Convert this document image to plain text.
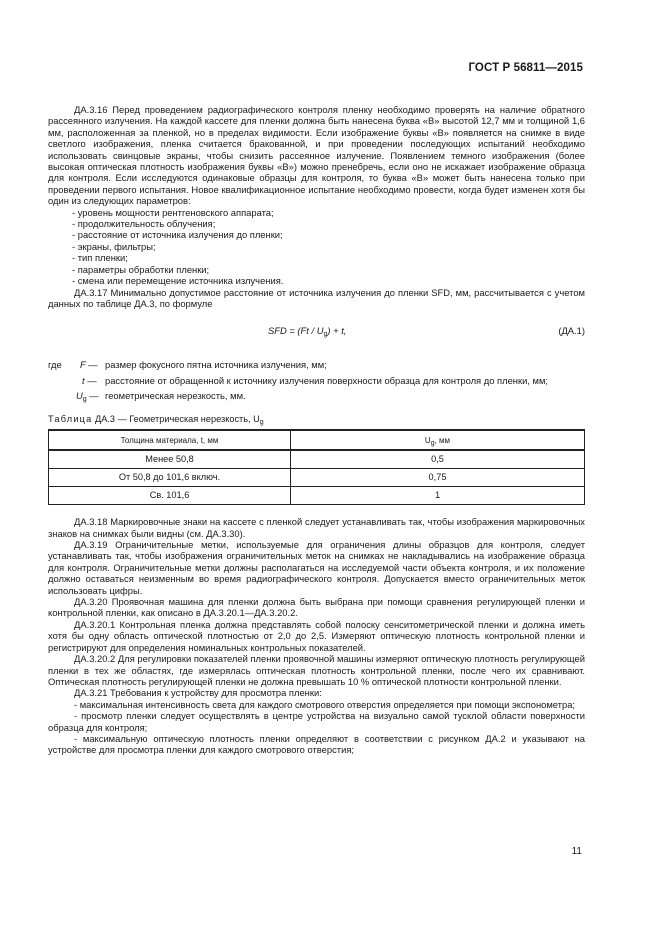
ГОСТ Р 56811—2015

ДА.3.16 Перед проведением радиографического контроля пленку необходимо проверять на наличие обратного рассеянного излучения. На каждой кассете для пленки должна быть нанесена буква «В» высотой 12,7 мм и толщиной 1,6 мм, расположенная за пленкой, но в пределах видимости. Если изображение буквы «В» появляется на снимке в виде светлого изображения, пленка считается бракованной, и при проведении последующих испытаний необходимо использовать свинцовые экраны, чтобы снизить рассеянное излучение. Появлением темного изображения (более высокая оптическая плотность изображения буквы «В») можно пренебречь, если оно не искажает изображение образца для контроля. Если исследуются одинаковые образцы для контроля, то буква «В» может быть нанесена только при проведении первого испытания. Новое квалификационное испытание необходимо провести, когда будет изменен хотя бы один из следующих параметров:

- уровень мощности рентгеновского аппарата;

- продолжительность облучения;

- расстояние от источника излучения до пленки;

- экраны, фильтры;

- тип пленки;

- параметры обработки пленки;

- смена или перемещение источника излучения.

ДА.3.17 Минимально допустимое расстояние от источника излучения до пленки SFD, мм, рассчитывается с учетом данных по таблице ДА.3, по формуле

SFD = $(Ft / U_g) + t$,	(ДА.1)
где F — размер фокусного пятна источника излучения, мм;
t — расстояние от обращенной к источнику излучения поверхности образца для контроля до пленки, мм;
$U_g$ — геометрическая нерезкость, мм.
Таблица ДА.3 — Геометрическая нерезкость, $U_g$
Толщина материала, t, мм	$U_g$, мм
Менее 50,8	0,5
От 50,8 до 101,6 включ.	0,75
Св. 101,6	1

ДА.3.18 Маркировочные знаки на кассете с пленкой следует устанавливать так, чтобы изображения маркировочных знаков на снимках были видны (см. ДА.3.30).

ДА.3.19 Ограничительные метки, используемые для ограничения длины образцов для контроля, следует устанавливать так, чтобы изображения ограничительных меток на снимках не накладывались на изображение образца для контроля. Ограничительные метки должны располагаться на исследуемой части объекта контроля, и их положение должно оставаться неизменным во время радиографического контроля. Допускается вместо ограничительных меток использовать цифры.

ДА.3.20 Проявочная машина для пленки должна быть выбрана при помощи сравнения регулирующей пленки и контрольной пленки, как описано в ДА.3.20.1—ДА.3.20.2.

ДА.3.20.1 Контрольная пленка должна представлять собой полоску сенситометрической пленки и должна иметь хотя бы одну область оптической плотностью от 2,0 до 2,5. Измеряют оптическую плотность контрольной пленки и регистрируют для определения номинальных контрольных показателей.

ДА.3.20.2 Для регулировки показателей пленки проявочной машины измеряют оптическую плотность регулирующей пленки в тех же областях, где измерялась оптическая плотность контрольной пленки, после чего их сравнивают. Оптическая плотность регулирующей пленки не должна превышать 10 % оптической плотности контрольной пленки.

ДА.3.21 Требования к устройству для просмотра пленки:

- максимальная интенсивность света для каждого смотрового отверстия определяется при помощи экспонометра;

- просмотр пленки следует осуществлять в центре устройства на визуально самой тусклой области поверхности образца для контроля;

- максимальную оптическую плотность пленки определяют в соответствии с рисунком ДА.2 и указывают на устройстве для просмотра пленки для каждого смотрового отверстия;

11
